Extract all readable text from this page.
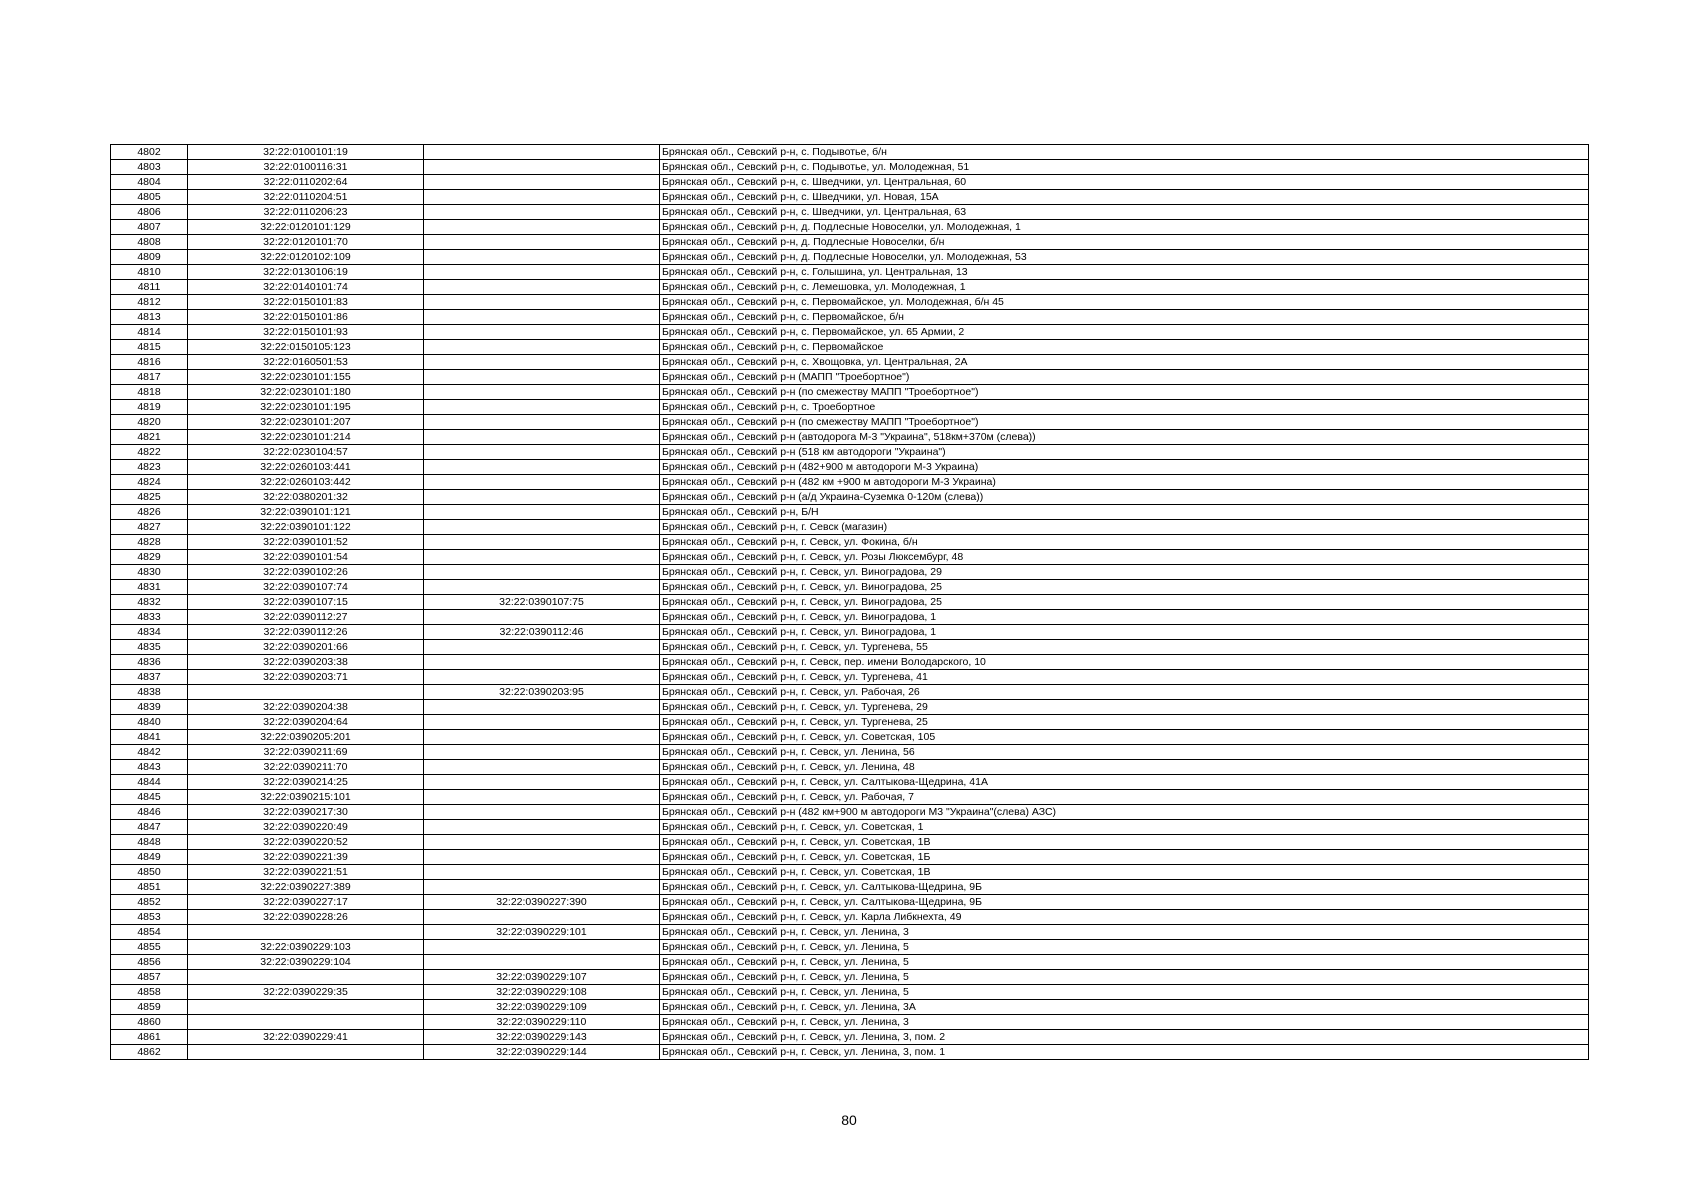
4802	32:22:0100101:19		Брянская обл., Севский р-н, с. Подывотье, б/н
4803	32:22:0100116:31		Брянская обл., Севский р-н, с. Подывотье, ул. Молодежная, 51
4804	32:22:0110202:64		Брянская обл., Севский р-н, с. Шведчики, ул. Центральная, 60
4805	32:22:0110204:51		Брянская обл., Севский р-н, с. Шведчики, ул. Новая, 15А
4806	32:22:0110206:23		Брянская обл., Севский р-н, с. Шведчики, ул. Центральная, 63
4807	32:22:0120101:129		Брянская обл., Севский р-н, д. Подлесные Новоселки, ул. Молодежная, 1
4808	32:22:0120101:70		Брянская обл., Севский р-н, д. Подлесные Новоселки, б/н
4809	32:22:0120102:109		Брянская обл., Севский р-н, д. Подлесные Новоселки, ул. Молодежная, 53
4810	32:22:0130106:19		Брянская обл., Севский р-н, с. Голышина, ул. Центральная, 13
4811	32:22:0140101:74		Брянская обл., Севский р-н, с. Лемешовка, ул. Молодежная, 1
4812	32:22:0150101:83		Брянская обл., Севский р-н, с. Первомайское, ул. Молодежная, б/н 45
4813	32:22:0150101:86		Брянская обл., Севский р-н, с. Первомайское, б/н
4814	32:22:0150101:93		Брянская обл., Севский р-н, с. Первомайское, ул. 65 Армии, 2
4815	32:22:0150105:123		Брянская обл., Севский р-н, с. Первомайское
4816	32:22:0160501:53		Брянская обл., Севский р-н, с. Хвощовка, ул. Центральная, 2А
4817	32:22:0230101:155		Брянская обл., Севский р-н (МАПП "Троебортное")
4818	32:22:0230101:180		Брянская обл., Севский р-н (по смежеству МАПП "Троебортное")
4819	32:22:0230101:195		Брянская обл., Севский р-н, с. Троебортное
4820	32:22:0230101:207		Брянская обл., Севский р-н (по смежеству МАПП "Троебортное")
4821	32:22:0230101:214		Брянская обл., Севский р-н (автодорога М-3 "Украина", 518км+370м (слева))
4822	32:22:0230104:57		Брянская обл., Севский р-н (518 км автодороги "Украина")
4823	32:22:0260103:441		Брянская обл., Севский р-н (482+900 м автодороги М-3 Украина)
4824	32:22:0260103:442		Брянская обл., Севский р-н (482 км +900 м автодороги М-3 Украина)
4825	32:22:0380201:32		Брянская обл., Севский р-н (а/д Украина-Суземка 0-120м (слева))
4826	32:22:0390101:121		Брянская обл., Севский р-н, Б/Н
4827	32:22:0390101:122		Брянская обл., Севский р-н, г. Севск (магазин)
4828	32:22:0390101:52		Брянская обл., Севский р-н, г. Севск, ул. Фокина, б/н
4829	32:22:0390101:54		Брянская обл., Севский р-н, г. Севск, ул. Розы Люксембург, 48
4830	32:22:0390102:26		Брянская обл., Севский р-н, г. Севск, ул. Виноградова, 29
4831	32:22:0390107:74		Брянская обл., Севский р-н, г. Севск, ул. Виноградова, 25
4832	32:22:0390107:15	32:22:0390107:75	Брянская обл., Севский р-н, г. Севск, ул. Виноградова, 25
4833	32:22:0390112:27		Брянская обл., Севский р-н, г. Севск, ул. Виноградова, 1
4834	32:22:0390112:26	32:22:0390112:46	Брянская обл., Севский р-н, г. Севск, ул. Виноградова, 1
4835	32:22:0390201:66		Брянская обл., Севский р-н, г. Севск, ул. Тургенева, 55
4836	32:22:0390203:38		Брянская обл., Севский р-н, г. Севск, пер. имени Володарского, 10
4837	32:22:0390203:71		Брянская обл., Севский р-н, г. Севск, ул. Тургенева, 41
4838		32:22:0390203:95	Брянская обл., Севский р-н, г. Севск, ул. Рабочая, 26
4839	32:22:0390204:38		Брянская обл., Севский р-н, г. Севск, ул. Тургенева, 29
4840	32:22:0390204:64		Брянская обл., Севский р-н, г. Севск, ул. Тургенева, 25
4841	32:22:0390205:201		Брянская обл., Севский р-н, г. Севск, ул. Советская, 105
4842	32:22:0390211:69		Брянская обл., Севский р-н, г. Севск, ул. Ленина, 56
4843	32:22:0390211:70		Брянская обл., Севский р-н, г. Севск, ул. Ленина, 48
4844	32:22:0390214:25		Брянская обл., Севский р-н, г. Севск, ул. Салтыкова-Щедрина, 41А
4845	32:22:0390215:101		Брянская обл., Севский р-н, г. Севск, ул. Рабочая, 7
4846	32:22:0390217:30		Брянская обл., Севский р-н (482 км+900 м автодороги М3 "Украина"(слева) АЗС)
4847	32:22:0390220:49		Брянская обл., Севский р-н, г. Севск, ул. Советская, 1
4848	32:22:0390220:52		Брянская обл., Севский р-н, г. Севск, ул. Советская, 1В
4849	32:22:0390221:39		Брянская обл., Севский р-н, г. Севск, ул. Советская, 1Б
4850	32:22:0390221:51		Брянская обл., Севский р-н, г. Севск, ул. Советская, 1В
4851	32:22:0390227:389		Брянская обл., Севский р-н, г. Севск, ул. Салтыкова-Щедрина, 9Б
4852	32:22:0390227:17	32:22:0390227:390	Брянская обл., Севский р-н, г. Севск, ул. Салтыкова-Щедрина, 9Б
4853	32:22:0390228:26		Брянская обл., Севский р-н, г. Севск, ул. Карла Либкнехта, 49
4854		32:22:0390229:101	Брянская обл., Севский р-н, г. Севск, ул. Ленина, 3
4855	32:22:0390229:103		Брянская обл., Севский р-н, г. Севск, ул. Ленина, 5
4856	32:22:0390229:104		Брянская обл., Севский р-н, г. Севск, ул. Ленина, 5
4857		32:22:0390229:107	Брянская обл., Севский р-н, г. Севск, ул. Ленина, 5
4858	32:22:0390229:35	32:22:0390229:108	Брянская обл., Севский р-н, г. Севск, ул. Ленина, 5
4859		32:22:0390229:109	Брянская обл., Севский р-н, г. Севск, ул. Ленина, 3А
4860		32:22:0390229:110	Брянская обл., Севский р-н, г. Севск, ул. Ленина, 3
4861	32:22:0390229:41	32:22:0390229:143	Брянская обл., Севский р-н, г. Севск, ул. Ленина, 3, пом. 2
4862		32:22:0390229:144	Брянская обл., Севский р-н, г. Севск, ул. Ленина, 3, пом. 1
80
